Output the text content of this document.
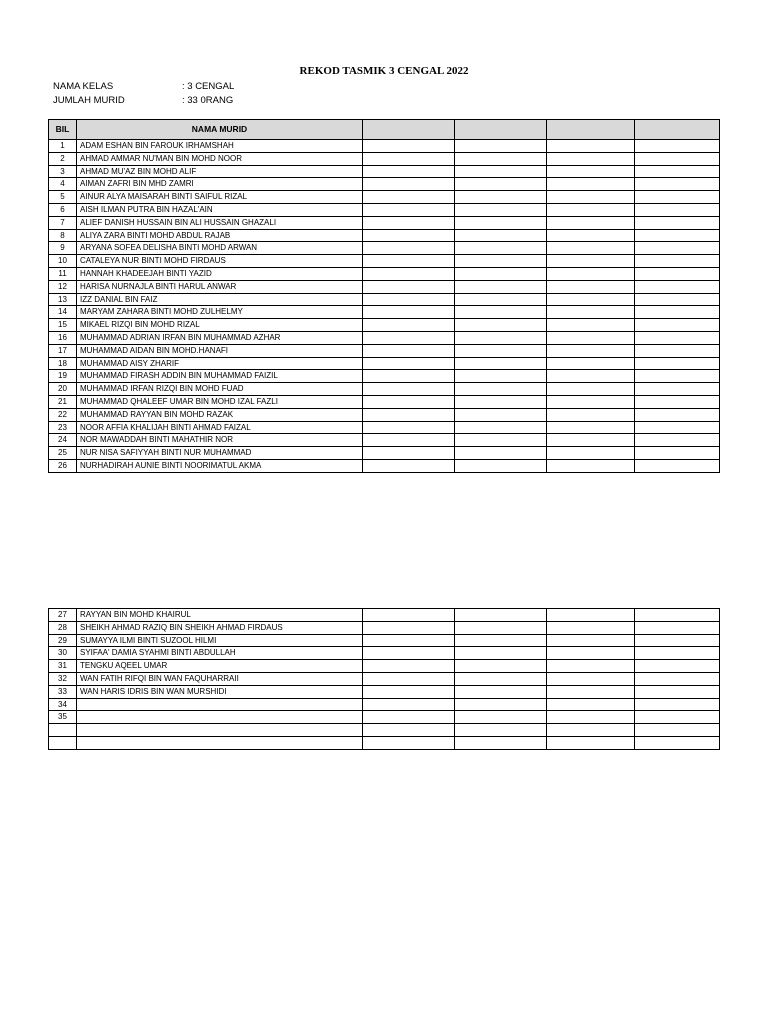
REKOD TASMIK 3 CENGAL 2022
NAMA KELAS	: 3 CENGAL
JUMLAH MURID	: 33 0RANG
BIL	NAMA MURID				
1	ADAM ESHAN BIN FAROUK IRHAMSHAH				
2	AHMAD AMMAR NU'MAN BIN MOHD NOOR				
3	AHMAD MU'AZ BIN MOHD ALIF				
4	AIMAN ZAFRI BIN MHD ZAMRI				
5	AINUR ALYA MAISARAH BINTI SAIFUL RIZAL				
6	AISH ILMAN PUTRA BIN HAZAL'AIN				
7	ALIEF DANISH HUSSAIN BIN ALI HUSSAIN GHAZALI				
8	ALIYA ZARA BINTI MOHD ABDUL RAJAB				
9	ARYANA SOFEA DELISHA BINTI MOHD ARWAN				
10	CATALEYA NUR BINTI MOHD FIRDAUS				
11	HANNAH KHADEEJAH BINTI YAZID				
12	HARISA NURNAJLA BINTI HARUL ANWAR				
13	IZZ DANIAL BIN FAIZ				
14	MARYAM ZAHARA BINTI MOHD ZULHELMY				
15	MIKAEL RIZQI BIN MOHD RIZAL				
16	MUHAMMAD ADRIAN IRFAN BIN MUHAMMAD AZHAR				
17	MUHAMMAD AIDAN BIN MOHD.HANAFI				
18	MUHAMMAD AISY ZHARIF				
19	MUHAMMAD FIRASH ADDIN BIN MUHAMMAD FAIZIL				
20	MUHAMMAD IRFAN RIZQI BIN MOHD FUAD				
21	MUHAMMAD QHALEEF UMAR BIN MOHD IZAL FAZLI				
22	MUHAMMAD RAYYAN BIN MOHD RAZAK				
23	NOOR AFFIA KHALIJAH BINTI AHMAD FAIZAL				
24	NOR MAWADDAH BINTI MAHATHIR NOR				
25	NUR NISA SAFIYYAH BINTI NUR MUHAMMAD				
26	NURHADIRAH AUNIE BINTI NOORIMATUL AKMA				
27	RAYYAN BIN MOHD KHAIRUL				
28	SHEIKH AHMAD RAZIQ BIN SHEIKH AHMAD FIRDAUS				
29	SUMAYYA ILMI BINTI SUZOOL HILMI				
30	SYIFAA' DAMIA SYAHMI BINTI ABDULLAH				
31	TENGKU AQEEL UMAR				
32	WAN FATIH RIFQI BIN WAN FAQUHARRAII				
33	WAN HARIS IDRIS BIN WAN MURSHIDI				
34					
35					
